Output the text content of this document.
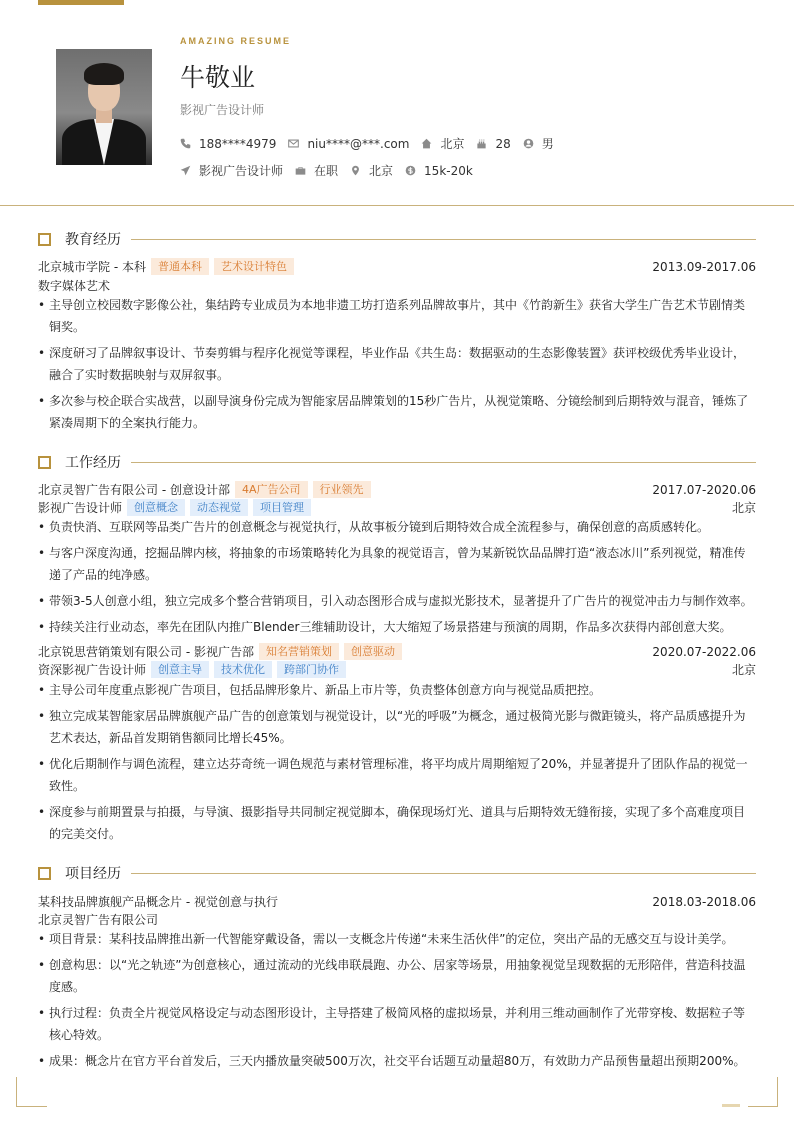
AMAZING RESUME
牛敬业
影视广告设计师
188****4979	niu****@***.com	北京	28	男
影视广告设计师	在职	北京	15k-20k
教育经历
北京城市学院 - 本科	普通本科	艺术设计特色	2013.09-2017.06
数字媒体艺术
• 主导创立校园数字影像公社，集结跨专业成员为本地非遗工坊打造系列品牌故事片，其中《竹韵新生》获省大学生广告艺术节剧情类铜奖。
• 深度研习了品牌叙事设计、节奏剪辑与程序化视觉等课程，毕业作品《共生岛：数据驱动的生态影像装置》获评校级优秀毕业设计，融合了实时数据映射与双屏叙事。
• 多次参与校企联合实战营，以副导演身份完成为智能家居品牌策划的15秒广告片，从视觉策略、分镜绘制到后期特效与混音，锤炼了紧凑周期下的全案执行能力。
工作经历
北京灵智广告有限公司 - 创意设计部	4A广告公司	行业领先	2017.07-2020.06
影视广告设计师	创意概念	动态视觉	项目管理	北京
• 负责快消、互联网等品类广告片的创意概念与视觉执行，从故事板分镜到后期特效合成全流程参与，确保创意的高质感转化。
• 与客户深度沟通，挖掘品牌内核，将抽象的市场策略转化为具象的视觉语言，曾为某新锐饮品品牌打造“液态冰川”系列视觉，精准传递了产品的纯净感。
• 带领3-5人创意小组，独立完成多个整合营销项目，引入动态图形合成与虚拟光影技术，显著提升了广告片的视觉冲击力与制作效率。
• 持续关注行业动态，率先在团队内推广Blender三维辅助设计，大大缩短了场景搭建与预演的周期，作品多次获得内部创意大奖。
北京锐思营销策划有限公司 - 影视广告部	知名营销策划	创意驱动	2020.07-2022.06
资深影视广告设计师	创意主导	技术优化	跨部门协作	北京
• 主导公司年度重点影视广告项目，包括品牌形象片、新品上市片等，负责整体创意方向与视觉品质把控。
• 独立完成某智能家居品牌旗舰产品广告的创意策划与视觉设计，以“光的呼吸”为概念，通过极简光影与微距镜头，将产品质感提升为艺术表达，新品首发期销售额同比增长45%。
• 优化后期制作与调色流程，建立达芬奇统一调色规范与素材管理标准，将平均成片周期缩短了20%，并显著提升了团队作品的视觉一致性。
• 深度参与前期置景与拍摄，与导演、摄影指导共同制定视觉脚本，确保现场灯光、道具与后期特效无缝衔接，实现了多个高难度项目的完美交付。
项目经历
某科技品牌旗舰产品概念片 - 视觉创意与执行	2018.03-2018.06
北京灵智广告有限公司
• 项目背景：某科技品牌推出新一代智能穿戴设备，需以一支概念片传递“未来生活伙伴”的定位，突出产品的无感交互与设计美学。
• 创意构思：以“光之轨迹”为创意核心，通过流动的光线串联晨跑、办公、居家等场景，用抽象视觉呈现数据的无形陪伴，营造科技温度感。
• 执行过程：负责全片视觉风格设定与动态图形设计，主导搭建了极简风格的虚拟场景，并利用三维动画制作了光带穿梭、数据粒子等核心特效。
• 成果：概念片在官方平台首发后，三天内播放量突破500万次，社交平台话题互动量超80万，有效助力产品预售量超出预期200%。
